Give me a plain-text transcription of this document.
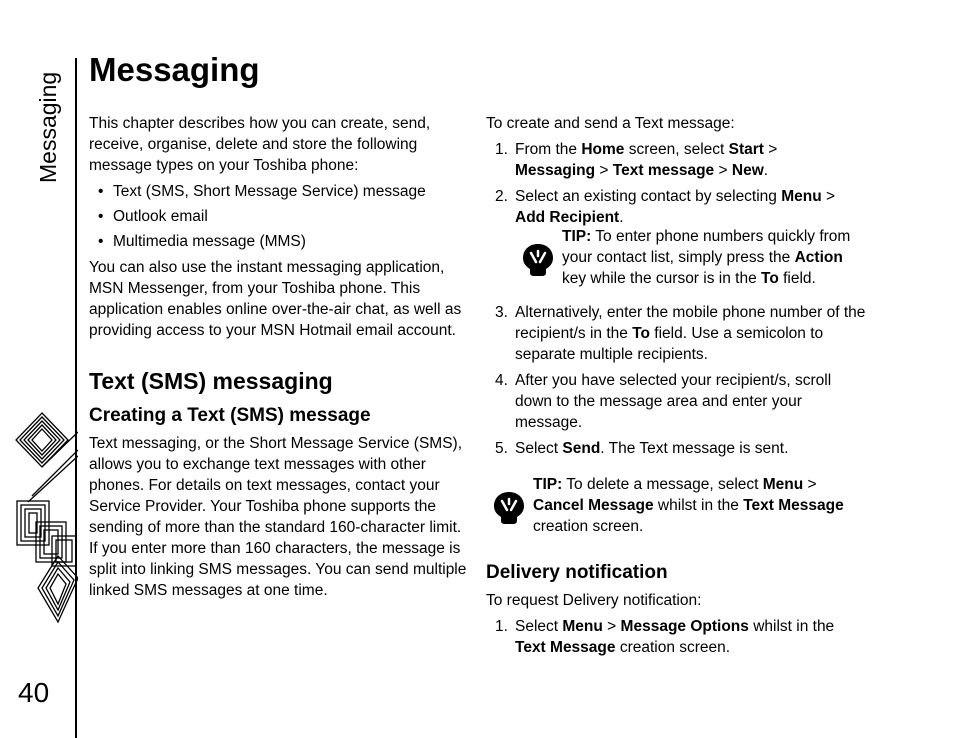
Messaging
40
Messaging

This chapter describes how you can create, send, receive, organise, delete and store the following message types on your Toshiba phone:

• Text (SMS, Short Message Service) message
• Outlook email
• Multimedia message (MMS)

You can also use the instant messaging application, MSN Messenger, from your Toshiba phone. This application enables online over-the-air chat, as well as providing access to your MSN Hotmail email account.

Text (SMS) messaging
Creating a Text (SMS) message

Text messaging, or the Short Message Service (SMS), allows you to exchange text messages with other phones. For details on text messages, contact your Service Provider. Your Toshiba phone supports the sending of more than the standard 160-character limit. If you enter more than 160 characters, the message is split into linking SMS messages. You can send multiple linked SMS messages at one time.

To create and send a Text message:

1. From the Home screen, select Start >
Messaging > Text message > New.
2. Select an existing contact by selecting Menu >
Add Recipient.
TIP: To enter phone numbers quickly from your contact list, simply press the Action key while the cursor is in the To field.
3. Alternatively, enter the mobile phone number of the recipient/s in the To field. Use a semicolon to separate multiple recipients.
4. After you have selected your recipient/s, scroll down to the message area and enter your message.
5. Select Send. The Text message is sent.
TIP: To delete a message, select Menu >
Cancel Message whilst in the Text Message creation screen.
Delivery notification

To request Delivery notification:

1. Select Menu > Message Options whilst in the Text Message creation screen.
